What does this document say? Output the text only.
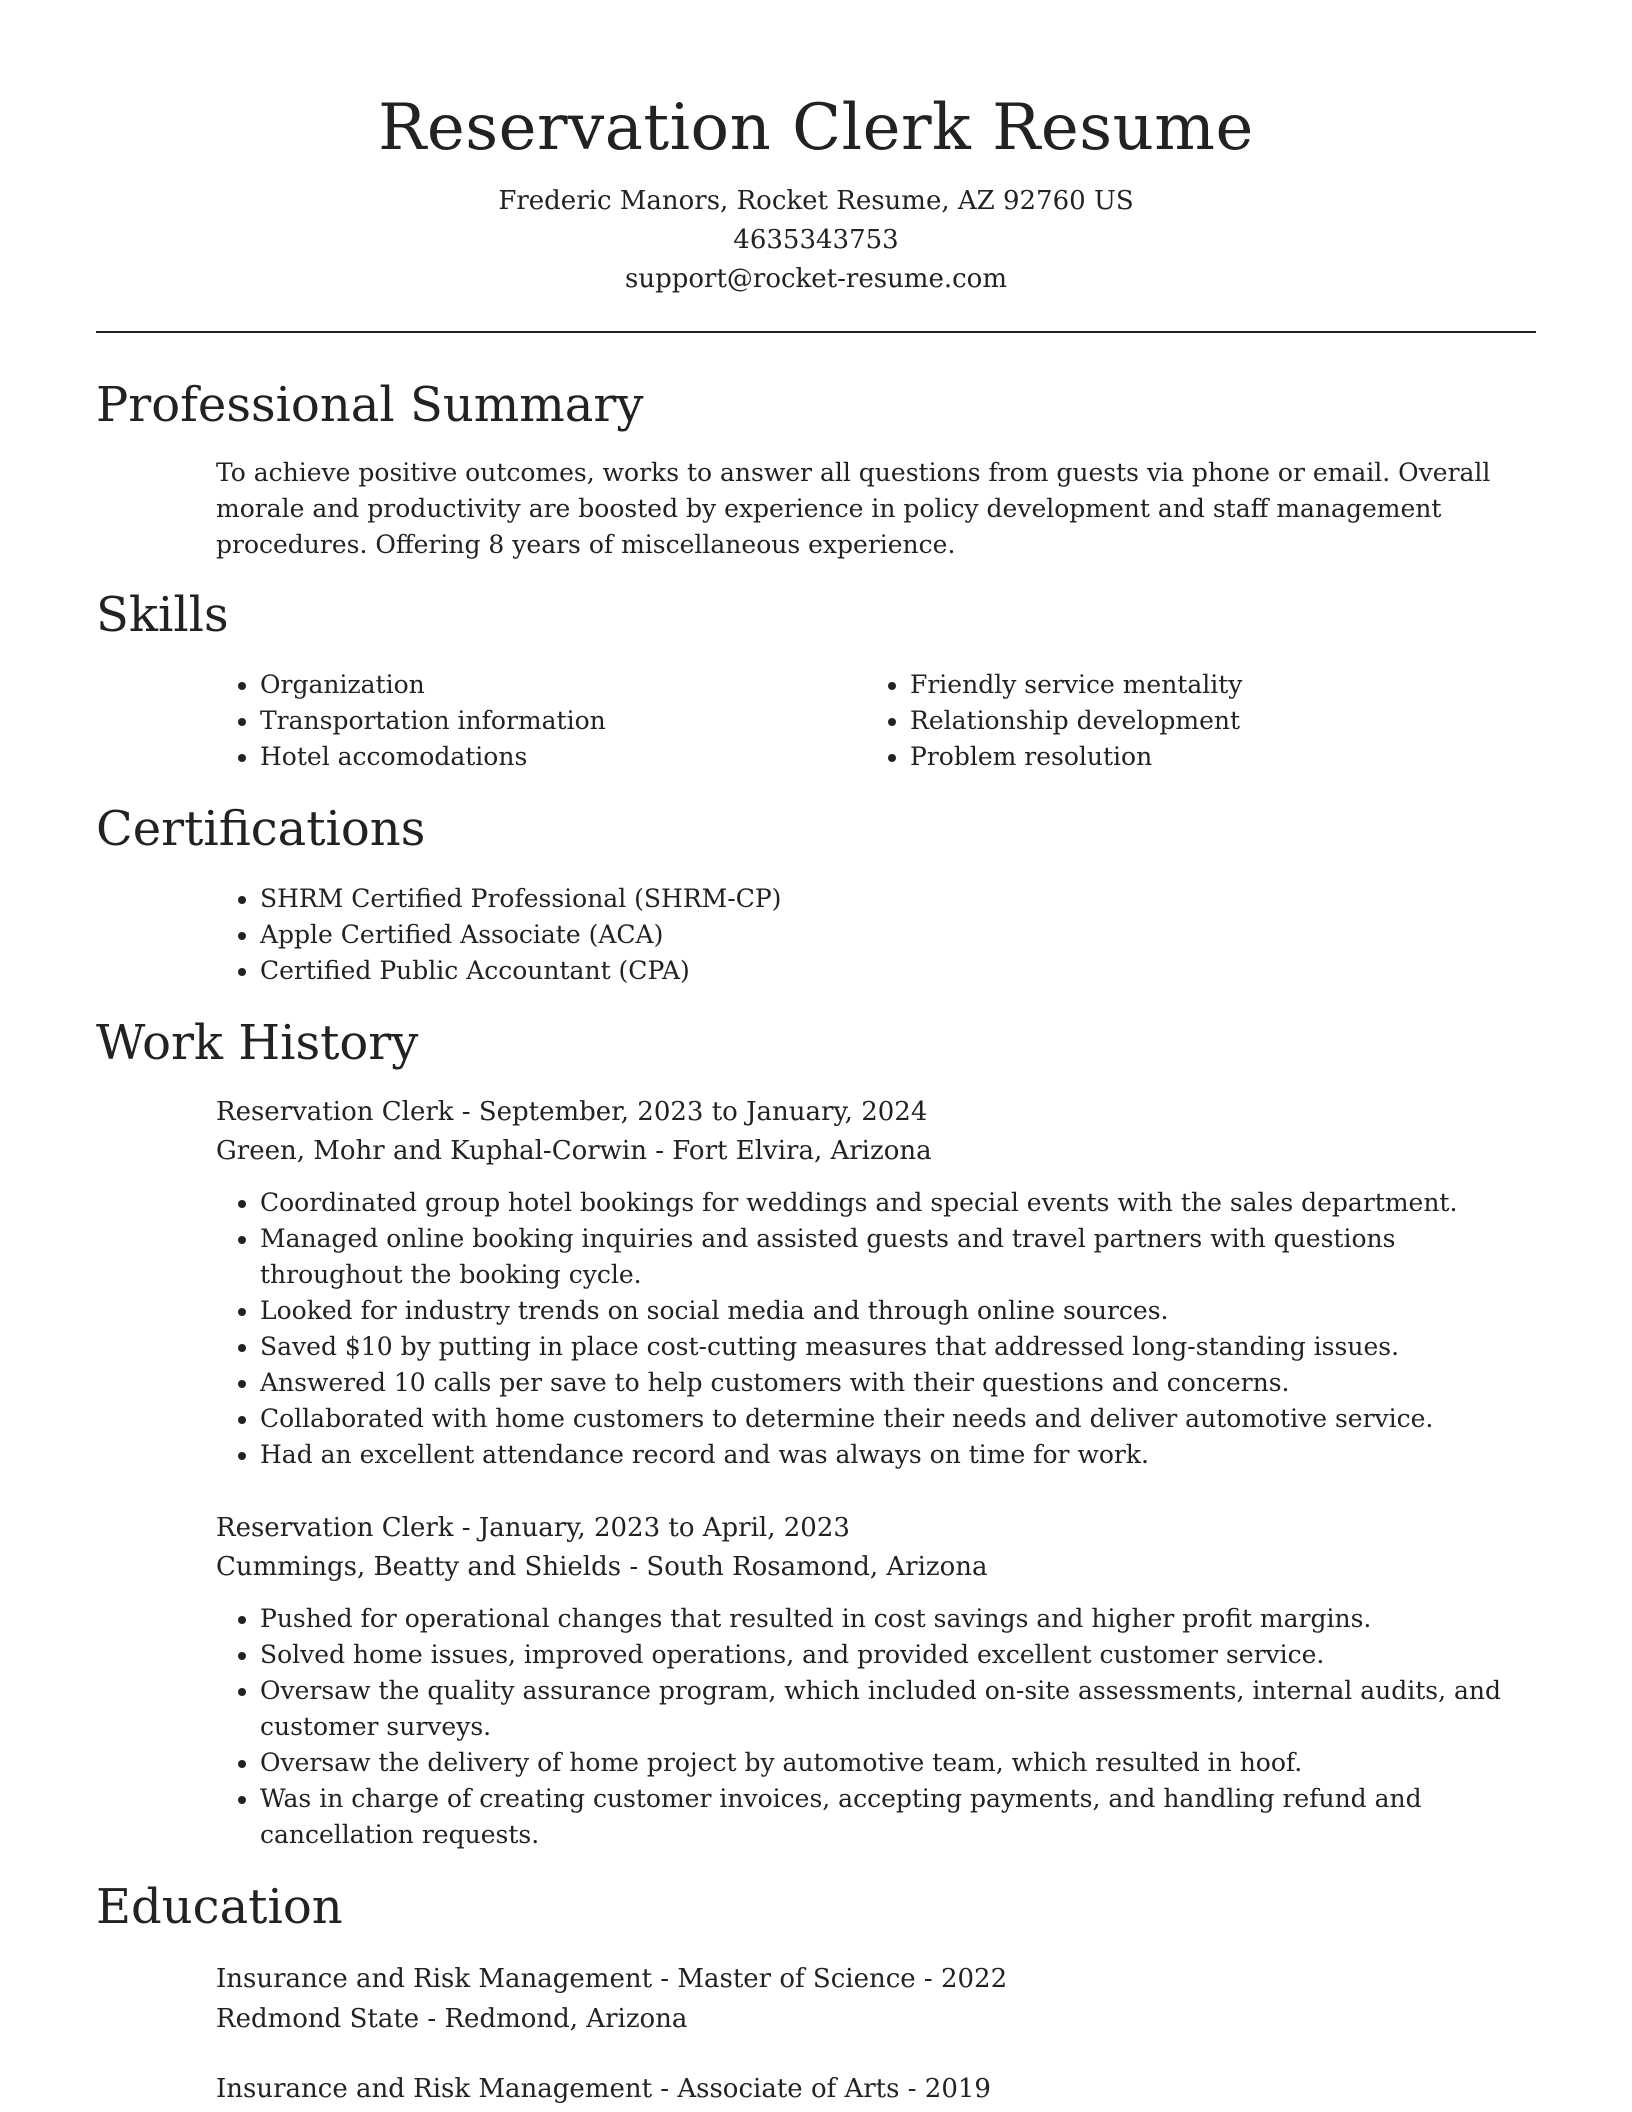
Reservation Clerk Resume
Frederic Manors, Rocket Resume, AZ 92760 US
4635343753
support@rocket-resume.com
Professional Summary
To achieve positive outcomes, works to answer all questions from guests via phone or email. Overall morale and productivity are boosted by experience in policy development and staff management procedures. Offering 8 years of miscellaneous experience.
Skills
• Organization
• Transportation information
• Hotel accomodations
• Friendly service mentality
• Relationship development
• Problem resolution
Certifications
• SHRM Certified Professional (SHRM-CP)
• Apple Certified Associate (ACA)
• Certified Public Accountant (CPA)
Work History
Reservation Clerk - September, 2023 to January, 2024
Green, Mohr and Kuphal-Corwin - Fort Elvira, Arizona
• Coordinated group hotel bookings for weddings and special events with the sales department.
• Managed online booking inquiries and assisted guests and travel partners with questions throughout the booking cycle.
• Looked for industry trends on social media and through online sources.
• Saved $10 by putting in place cost-cutting measures that addressed long-standing issues.
• Answered 10 calls per save to help customers with their questions and concerns.
• Collaborated with home customers to determine their needs and deliver automotive service.
• Had an excellent attendance record and was always on time for work.
Reservation Clerk - January, 2023 to April, 2023
Cummings, Beatty and Shields - South Rosamond, Arizona
• Pushed for operational changes that resulted in cost savings and higher profit margins.
• Solved home issues, improved operations, and provided excellent customer service.
• Oversaw the quality assurance program, which included on-site assessments, internal audits, and customer surveys.
• Oversaw the delivery of home project by automotive team, which resulted in hoof.
• Was in charge of creating customer invoices, accepting payments, and handling refund and cancellation requests.
Education
Insurance and Risk Management - Master of Science - 2022
Redmond State - Redmond, Arizona
Insurance and Risk Management - Associate of Arts - 2019
